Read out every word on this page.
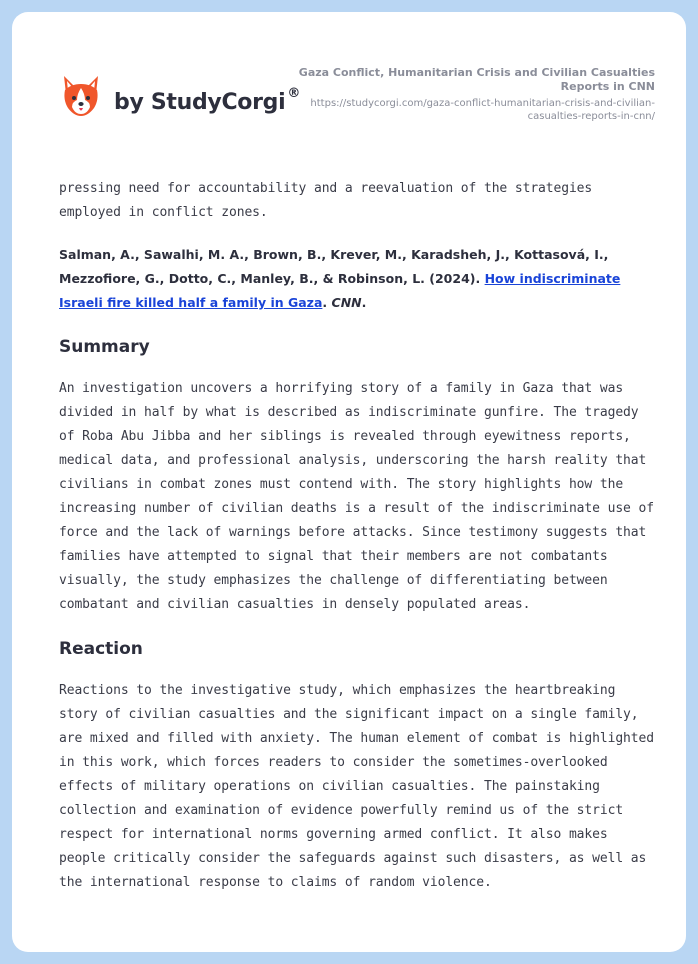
by StudyCorgi ®
Gaza Conflict, Humanitarian Crisis and Civilian Casualties Reports in CNN
https://studycorgi.com/gaza-conflict-humanitarian-crisis-and-civilian-casualties-reports-in-cnn/

pressing need for accountability and a reevaluation of the strategies employed in conflict zones.

Salman, A., Sawalhi, M. A., Brown, B., Krever, M., Karadsheh, J., Kottasová, I., Mezzofiore, G., Dotto, C., Manley, B., & Robinson, L. (2024). How indiscriminate Israeli fire killed half a family in Gaza. CNN.

Summary

An investigation uncovers a horrifying story of a family in Gaza that was divided in half by what is described as indiscriminate gunfire. The tragedy of Roba Abu Jibba and her siblings is revealed through eyewitness reports, medical data, and professional analysis, underscoring the harsh reality that civilians in combat zones must contend with. The story highlights how the increasing number of civilian deaths is a result of the indiscriminate use of force and the lack of warnings before attacks. Since testimony suggests that families have attempted to signal that their members are not combatants visually, the study emphasizes the challenge of differentiating between combatant and civilian casualties in densely populated areas.

Reaction

Reactions to the investigative study, which emphasizes the heartbreaking story of civilian casualties and the significant impact on a single family, are mixed and filled with anxiety. The human element of combat is highlighted in this work, which forces readers to consider the sometimes-overlooked effects of military operations on civilian casualties. The painstaking collection and examination of evidence powerfully remind us of the strict respect for international norms governing armed conflict. It also makes people critically consider the safeguards against such disasters, as well as the international response to claims of random violence.
